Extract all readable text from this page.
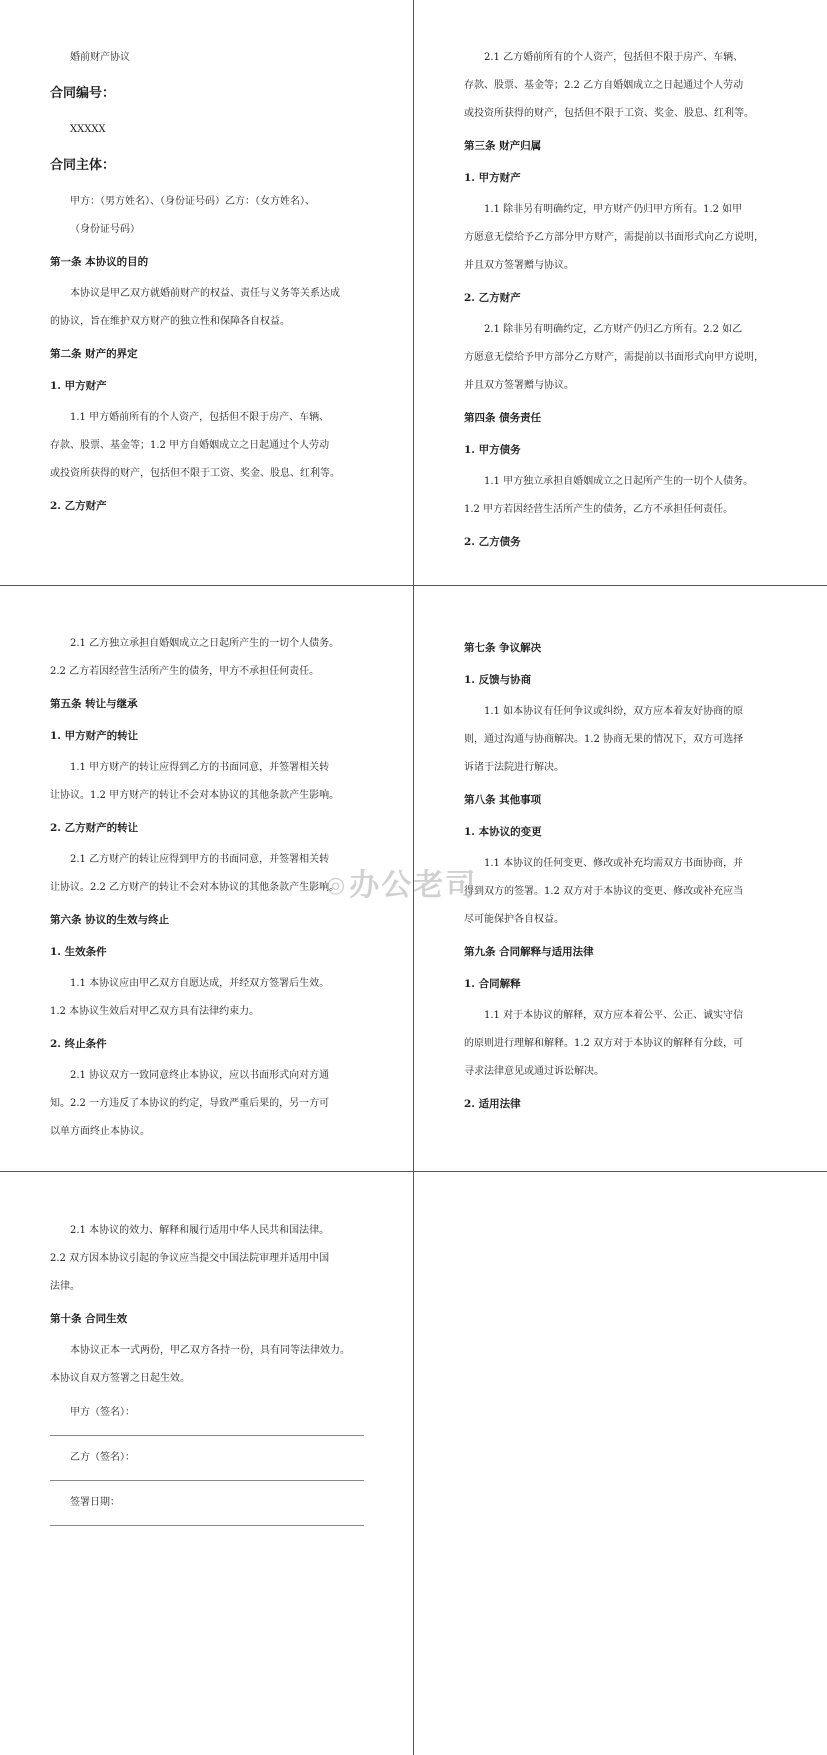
婚前财产协议

合同编号：

XXXXX

合同主体：

甲方：（男方姓名）、（身份证号码）乙方：（女方姓名）、

（身份证号码）

第一条 本协议的目的

本协议是甲乙双方就婚前财产的权益、责任与义务等关系达成

的协议，旨在维护双方财产的独立性和保障各自权益。

第二条 财产的界定

1. 甲方财产

1.1 甲方婚前所有的个人资产，包括但不限于房产、车辆、

存款、股票、基金等；1.2 甲方自婚姻成立之日起通过个人劳动

或投资所获得的财产，包括但不限于工资、奖金、股息、红利等。

2. 乙方财产

2.1 乙方婚前所有的个人资产，包括但不限于房产、车辆、

存款、股票、基金等；2.2 乙方自婚姻成立之日起通过个人劳动

或投资所获得的财产，包括但不限于工资、奖金、股息、红利等。

第三条 财产归属

1. 甲方财产

1.1 除非另有明确约定，甲方财产仍归甲方所有。1.2 如甲

方愿意无偿给予乙方部分甲方财产，需提前以书面形式向乙方说明，

并且双方签署赠与协议。

2. 乙方财产

2.1 除非另有明确约定，乙方财产仍归乙方所有。2.2 如乙

方愿意无偿给予甲方部分乙方财产，需提前以书面形式向甲方说明，

并且双方签署赠与协议。

第四条 债务责任

1. 甲方债务

1.1 甲方独立承担自婚姻成立之日起所产生的一切个人债务。

1.2 甲方若因经营生活所产生的债务，乙方不承担任何责任。

2. 乙方债务

2.1 乙方独立承担自婚姻成立之日起所产生的一切个人债务。

2.2 乙方若因经营生活所产生的债务，甲方不承担任何责任。

第五条 转让与继承

1. 甲方财产的转让

1.1 甲方财产的转让应得到乙方的书面同意，并签署相关转

让协议。1.2 甲方财产的转让不会对本协议的其他条款产生影响。

2. 乙方财产的转让

2.1 乙方财产的转让应得到甲方的书面同意，并签署相关转

让协议。2.2 乙方财产的转让不会对本协议的其他条款产生影响。

第六条 协议的生效与终止

1. 生效条件

1.1 本协议应由甲乙双方自愿达成，并经双方签署后生效。

1.2 本协议生效后对甲乙双方具有法律约束力。

2. 终止条件

2.1 协议双方一致同意终止本协议，应以书面形式向对方通

知。2.2 一方违反了本协议的约定，导致严重后果的，另一方可

以单方面终止本协议。

第七条 争议解决

1. 反馈与协商

1.1 如本协议有任何争议或纠纷，双方应本着友好协商的原

则，通过沟通与协商解决。1.2 协商无果的情况下，双方可选择

诉诸于法院进行解决。

第八条 其他事项

1. 本协议的变更

1.1 本协议的任何变更、修改或补充均需双方书面协商，并

得到双方的签署。1.2 双方对于本协议的变更、修改或补充应当

尽可能保护各自权益。

第九条 合同解释与适用法律

1. 合同解释

1.1 对于本协议的解释，双方应本着公平、公正、诚实守信

的原则进行理解和解释。1.2 双方对于本协议的解释有分歧，可

寻求法律意见或通过诉讼解决。

2. 适用法律

2.1 本协议的效力、解释和履行适用中华人民共和国法律。

2.2 双方因本协议引起的争议应当提交中国法院审理并适用中国

法律。

第十条 合同生效

本协议正本一式两份，甲乙双方各持一份，具有同等法律效力。

本协议自双方签署之日起生效。

甲方（签名）：
乙方（签名）：
签署日期：
◎办公老司
